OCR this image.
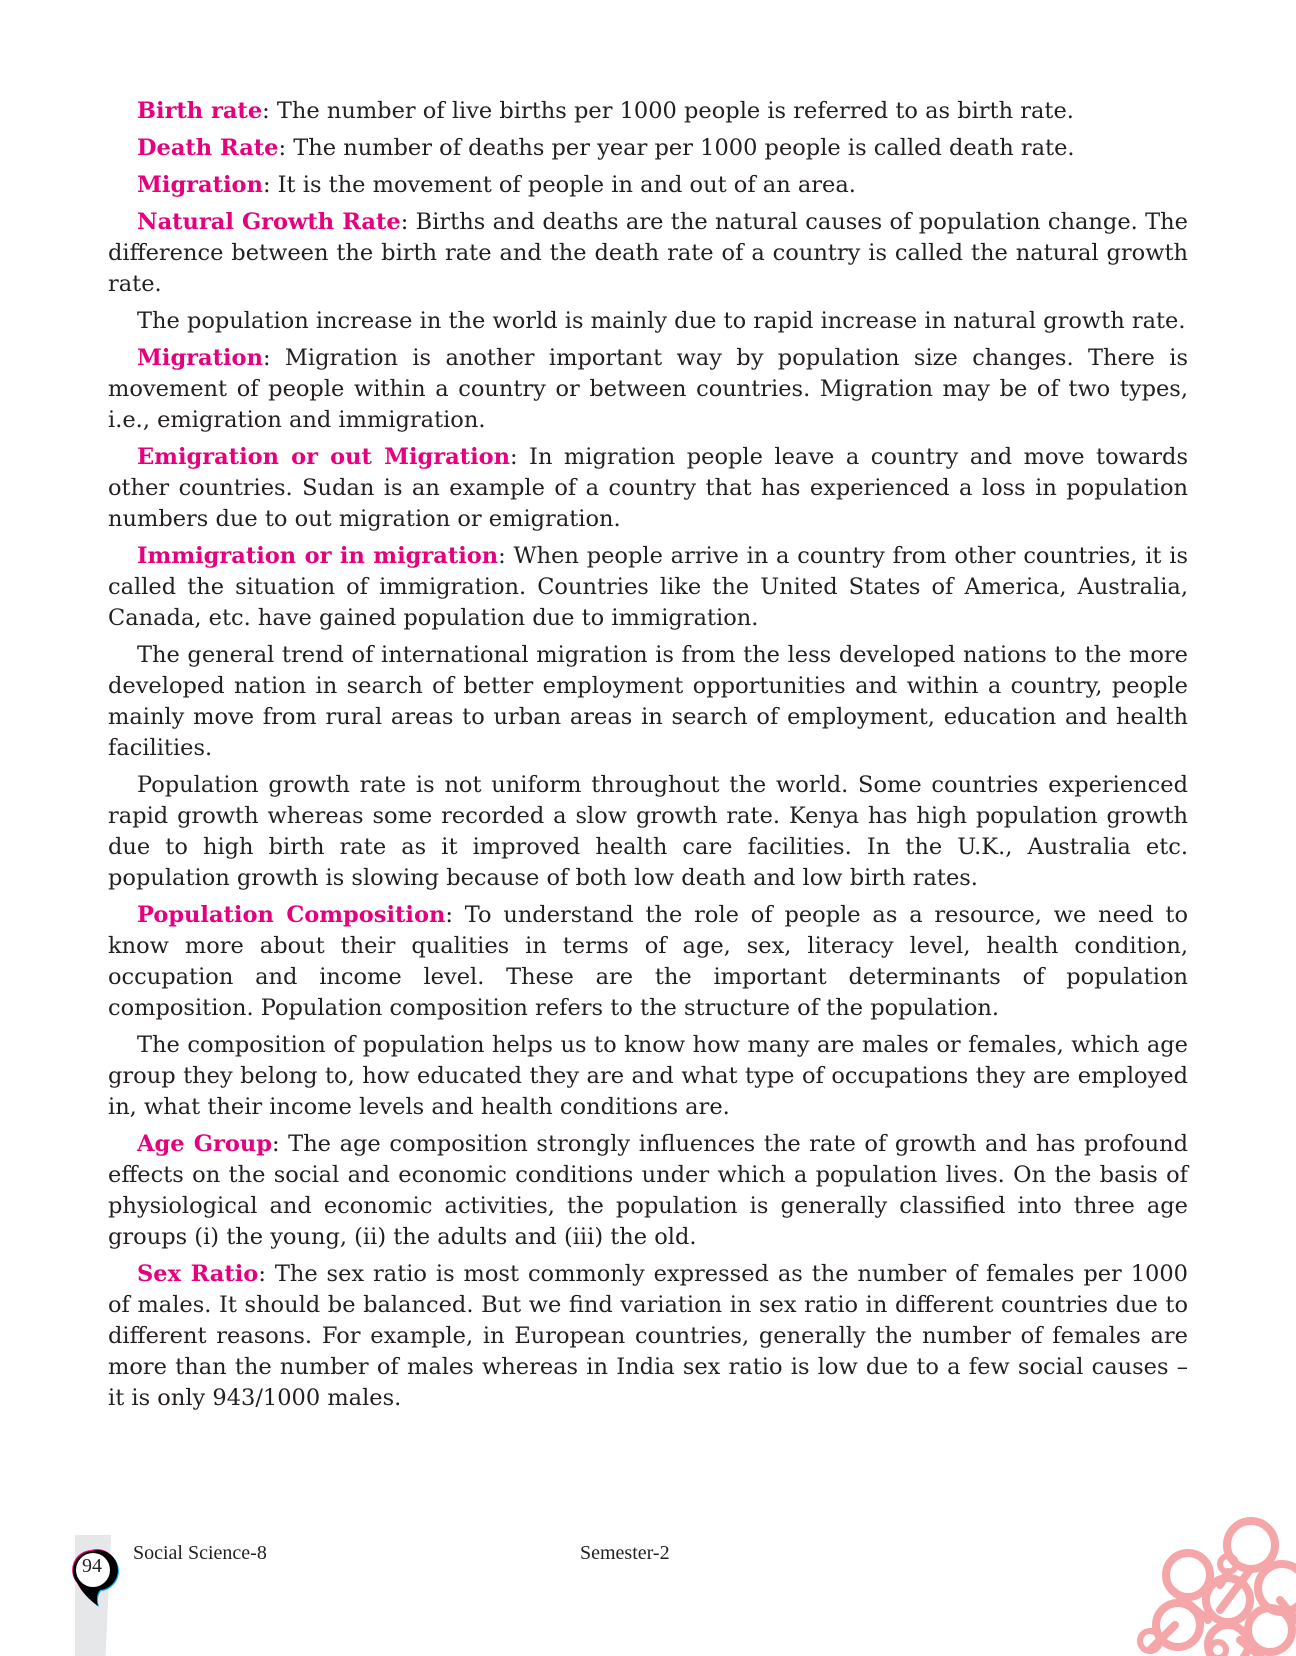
Birth rate: The number of live births per 1000 people is referred to as birth rate.

Death Rate: The number of deaths per year per 1000 people is called death rate.

Migration: It is the movement of people in and out of an area.

Natural Growth Rate: Births and deaths are the natural causes of population change. The difference between the birth rate and the death rate of a country is called the natural growth rate.

The population increase in the world is mainly due to rapid increase in natural growth rate.

Migration: Migration is another important way by population size changes. There is movement of people within a country or between countries. Migration may be of two types, i.e., emigration and immigration.

Emigration or out Migration: In migration people leave a country and move towards other countries. Sudan is an example of a country that has experienced a loss in population numbers due to out migration or emigration.

Immigration or in migration: When people arrive in a country from other countries, it is called the situation of immigration. Countries like the United States of America, Australia, Canada, etc. have gained population due to immigration.

The general trend of international migration is from the less developed nations to the more developed nation in search of better employment opportunities and within a country, people mainly move from rural areas to urban areas in search of employment, education and health facilities.

Population growth rate is not uniform throughout the world. Some countries experienced rapid growth whereas some recorded a slow growth rate. Kenya has high population growth due to high birth rate as it improved health care facilities. In the U.K., Australia etc. population growth is slowing because of both low death and low birth rates.

Population Composition: To understand the role of people as a resource, we need to know more about their qualities in terms of age, sex, literacy level, health condition, occupation and income level. These are the important determinants of population composition. Population composition refers to the structure of the population.

The composition of population helps us to know how many are males or females, which age group they belong to, how educated they are and what type of occupations they are employed in, what their income levels and health conditions are.

Age Group: The age composition strongly influences the rate of growth and has profound effects on the social and economic conditions under which a population lives. On the basis of physiological and economic activities, the population is generally classified into three age groups (i) the young, (ii) the adults and (iii) the old.

Sex Ratio: The sex ratio is most commonly expressed as the number of females per 1000 of males. It should be balanced. But we find variation in sex ratio in different countries due to different reasons. For example, in European countries, generally the number of females are more than the number of males whereas in India sex ratio is low due to a few social causes – it is only 943/1000 males.

94
Social Science-8	Semester-2
